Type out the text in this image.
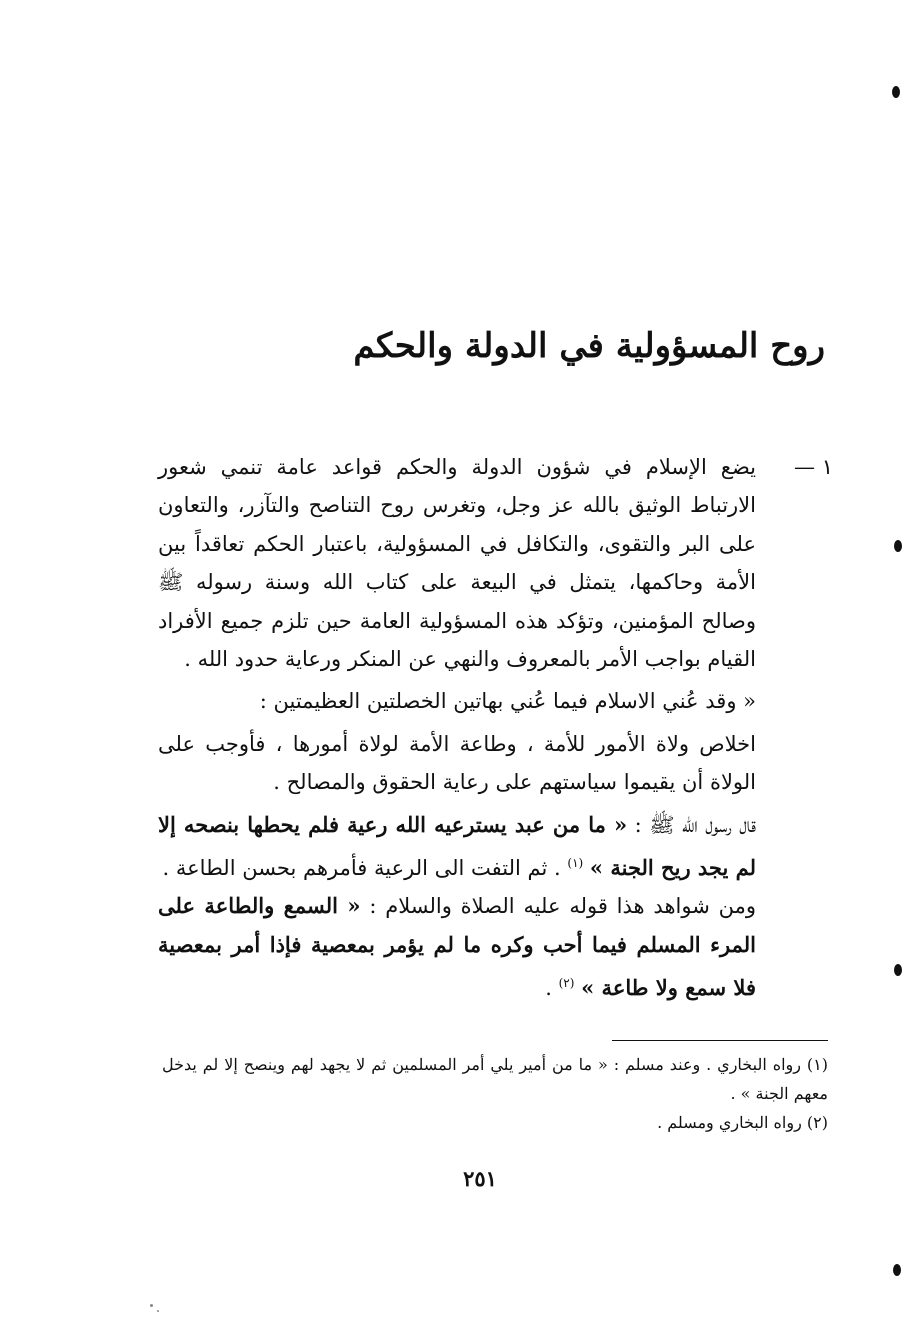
روح المسؤولية في الدولة والحكم
١ —

يضع الإسلام في شؤون الدولة والحكم قواعد عامة تنمي شعور الارتباط الوثيق بالله عز وجل، وتغرس روح التناصح والتآزر، والتعاون على البر والتقوى، والتكافل في المسؤولية، باعتبار الحكم تعاقداً بين الأمة وحاكمها، يتمثل في البيعة على كتاب الله وسنة رسوله ﷺ وصالح المؤمنين، وتؤكد هذه المسؤولية العامة حين تلزم جميع الأفراد القيام بواجب الأمر بالمعروف والنهي عن المنكر ورعاية حدود الله .

« وقد عُني الاسلام فيما عُني بهاتين الخصلتين العظيمتين :

اخلاص ولاة الأمور للأمة ، وطاعة الأمة لولاة أمورها ، فأوجب على الولاة أن يقيموا سياستهم على رعاية الحقوق والمصالح .

قال رسول الله ﷺ : « ما من عبد يسترعيه الله رعية فلم يحطها بنصحه إلا لم يجد ريح الجنة » $^{(١)}$ . ثم التفت الى الرعية فأمرهم بحسن الطاعة .

ومن شواهد هذا قوله عليه الصلاة والسلام : « السمع والطاعة على المرء المسلم فيما أحب وكره ما لم يؤمر بمعصية فإذا أمر بمعصية فلا سمع ولا طاعة » $^{(٢)}$ .

(١) رواه البخاري . وعند مسلم : « ما من أمير يلي أمر المسلمين ثم لا يجهد لهم وينصح إلا لم يدخل معهم الجنة » .

(٢) رواه البخاري ومسلم .

٢٥١
